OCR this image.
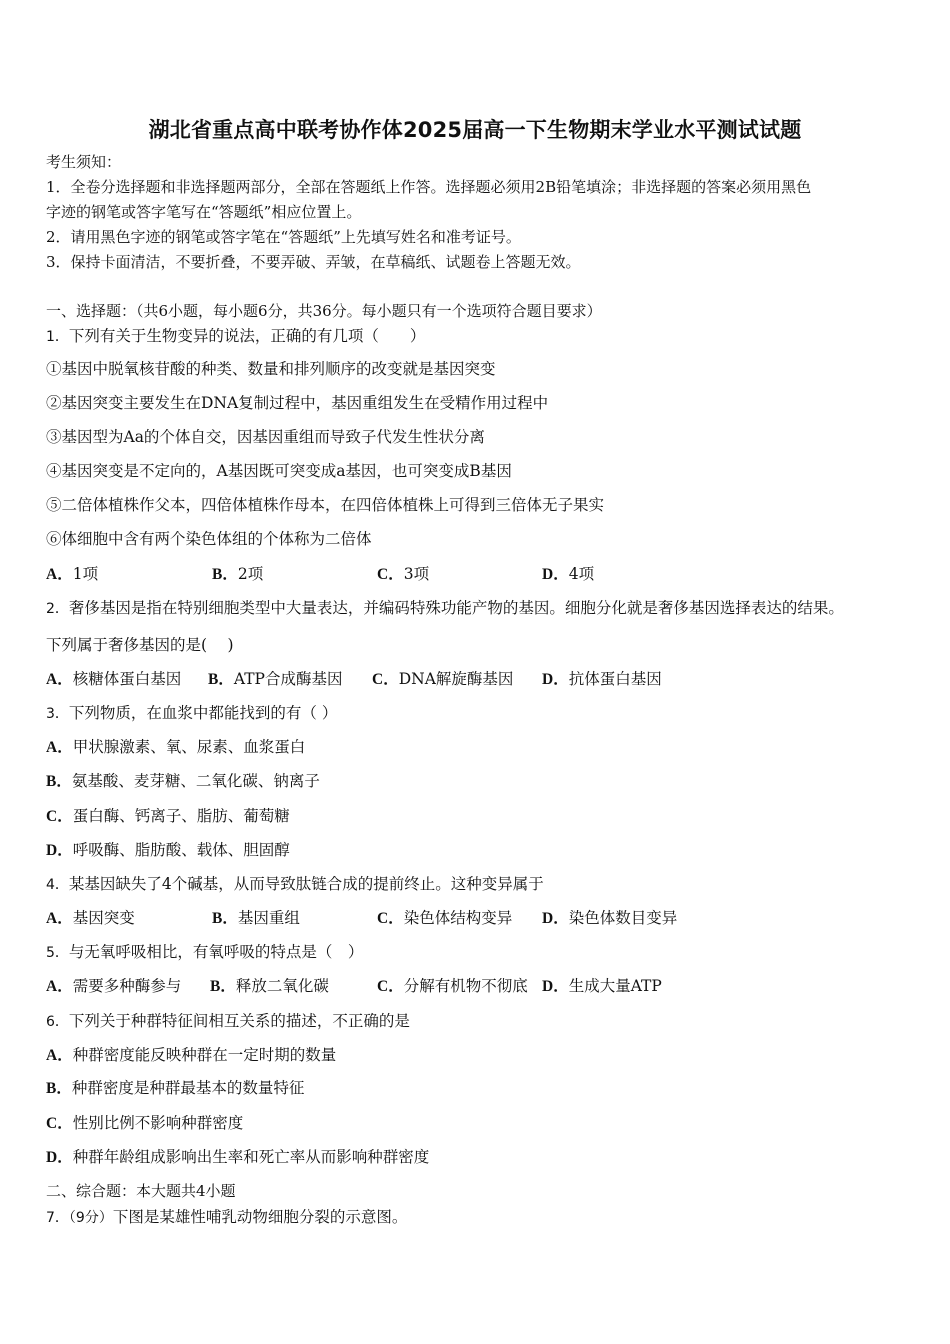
湖北省重点高中联考协作体2025届高一下生物期末学业水平测试试题
考生须知：
1．全卷分选择题和非选择题两部分，全部在答题纸上作答。选择题必须用2B铅笔填涂；非选择题的答案必须用黑色
字迹的钢笔或答字笔写在“答题纸”相应位置上。
2．请用黑色字迹的钢笔或答字笔在“答题纸”上先填写姓名和准考证号。
3．保持卡面清洁，不要折叠，不要弄破、弄皱，在草稿纸、试题卷上答题无效。
一、选择题：（共6小题，每小题6分，共36分。每小题只有一个选项符合题目要求）
1．下列有关于生物变异的说法，正确的有几项（　　）
①基因中脱氧核苷酸的种类、数量和排列顺序的改变就是基因突变
②基因突变主要发生在DNA复制过程中，基因重组发生在受精作用过程中
③基因型为Aa的个体自交，因基因重组而导致子代发生性状分离
④基因突变是不定向的，A基因既可突变成a基因，也可突变成B基因
⑤二倍体植株作父本，四倍体植株作母本，在四倍体植株上可得到三倍体无子果实
⑥体细胞中含有两个染色体组的个体称为二倍体
A．1项	B．2项	C．3项	D．4项
2．奢侈基因是指在特别细胞类型中大量表达，并编码特殊功能产物的基因。细胞分化就是奢侈基因选择表达的结果。
下列属于奢侈基因的是(　 )
A．核糖体蛋白基因 B．ATP合成酶基因 C．DNA解旋酶基因 D．抗体蛋白基因
3．下列物质，在血浆中都能找到的有（ ）
A．甲状腺激素、氧、尿素、血浆蛋白
B．氨基酸、麦芽糖、二氧化碳、钠离子
C．蛋白酶、钙离子、脂肪、葡萄糖
D．呼吸酶、脂肪酸、载体、胆固醇
4．某基因缺失了4个碱基，从而导致肽链合成的提前终止。这种变异属于
A．基因突变	B．基因重组	C．染色体结构变异 D．染色体数目变异
5．与无氧呼吸相比，有氧呼吸的特点是（　）
A．需要多种酶参与 B．释放二氧化碳	C．分解有机物不彻底 D．生成大量ATP
6．下列关于种群特征间相互关系的描述，不正确的是
A．种群密度能反映种群在一定时期的数量
B．种群密度是种群最基本的数量特征
C．性别比例不影响种群密度
D．种群年龄组成影响出生率和死亡率从而影响种群密度
二、综合题：本大题共4小题
7．（9分）下图是某雄性哺乳动物细胞分裂的示意图。
